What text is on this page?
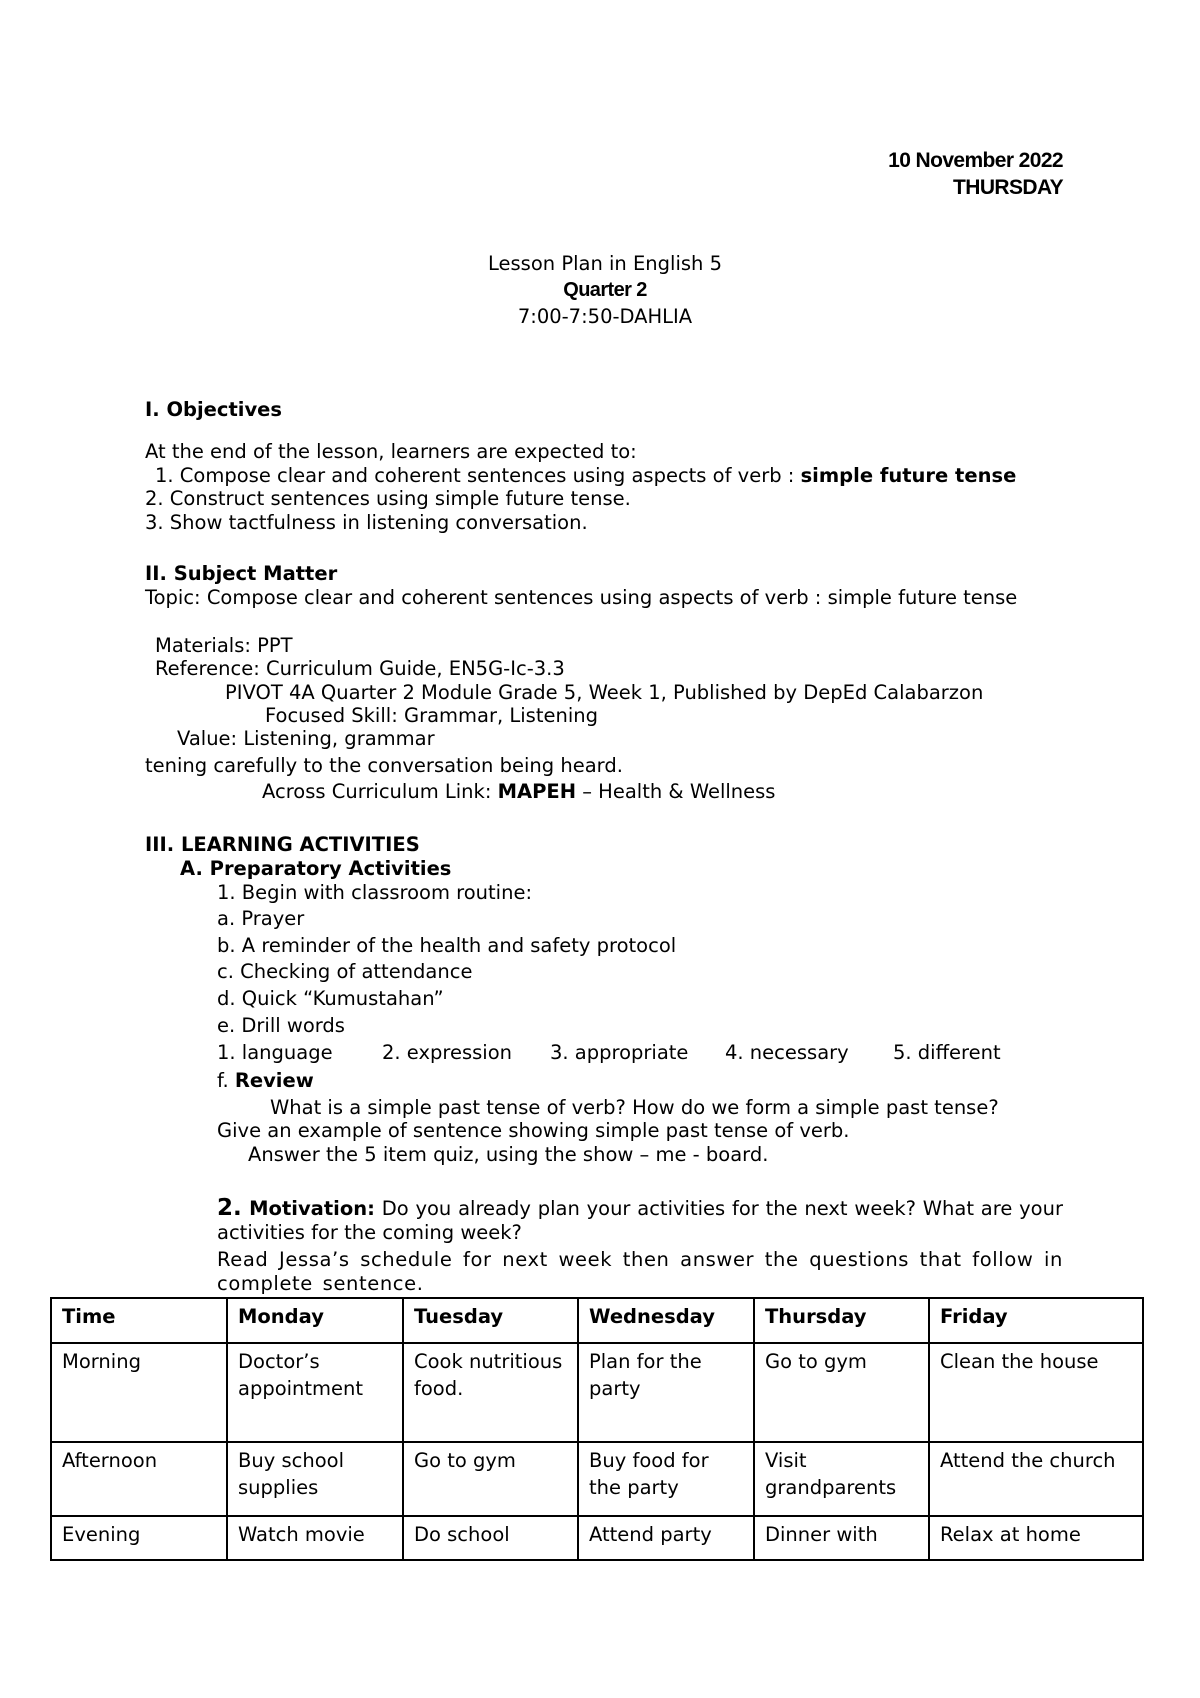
10 November 2022
THURSDAY
Lesson Plan in English 5
Quarter 2
7:00-7:50-DAHLIA
I. Objectives
At the end of the lesson, learners are expected to:
1. Compose clear and coherent sentences using aspects of verb : simple future tense
2. Construct sentences using simple future tense.
3. Show tactfulness in listening conversation.
II. Subject Matter
Topic: Compose clear and coherent sentences using aspects of verb : simple future tense
Materials: PPT
Reference: Curriculum Guide, EN5G-Ic-3.3
PIVOT 4A Quarter 2 Module Grade 5, Week 1, Published by DepEd Calabarzon
Focused Skill: Grammar, Listening
Value: Listening, grammar
tening carefully to the conversation being heard.
Across Curriculum Link: MAPEH – Health & Wellness
III. LEARNING ACTIVITIES
A. Preparatory Activities
1. Begin with classroom routine:
a. Prayer
b. A reminder of the health and safety protocol
c. Checking of attendance
d. Quick “Kumustahan”
e. Drill words
1. language	2. expression 3. appropriate 4. necessary 5. different
f. Review
What is a simple past tense of verb? How do we form a simple past tense?
Give an example of sentence showing simple past tense of verb.
Answer the 5 item quiz, using the show – me - board.
2. Motivation: Do you already plan your activities for the next week? What are your activities for the coming week?
Read Jessa’s schedule for next week then answer the questions that follow in complete sentence.
Time	Monday	Tuesday	Wednesday	Thursday	Friday
Morning	Doctor’s appointment	Cook nutritious food.	Plan for the party	Go to gym	Clean the house
Afternoon	Buy school supplies	Go to gym	Buy food for the party	Visit grandparents	Attend the church
Evening	Watch movie	Do school	Attend party	Dinner with	Relax at home
